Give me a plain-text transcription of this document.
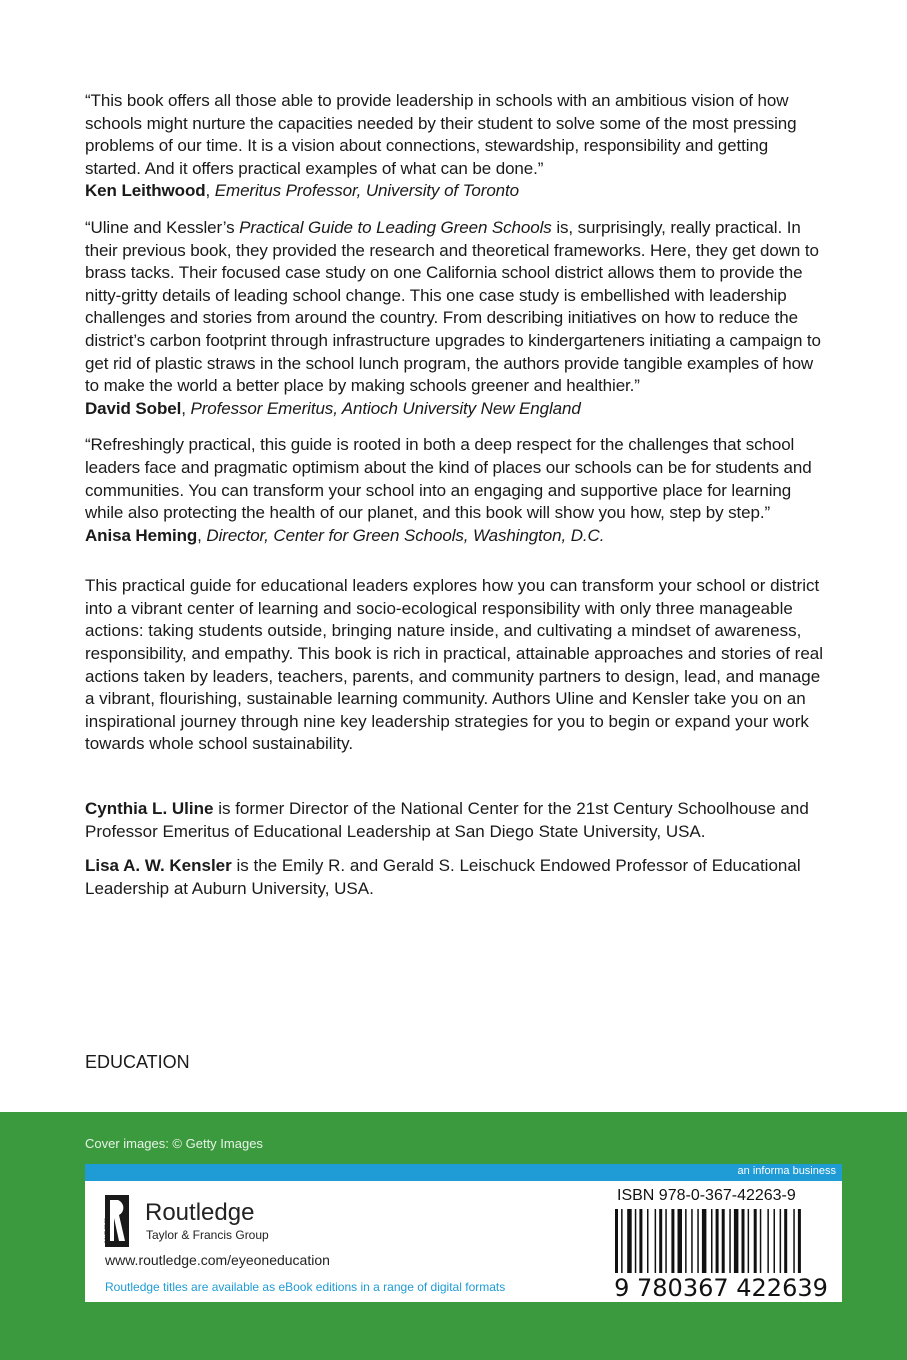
“This book offers all those able to provide leadership in schools with an ambitious vision of how schools might nurture the capacities needed by their student to solve some of the most pressing problems of our time. It is a vision about connections, stewardship, responsibility and getting started. And it offers practical examples of what can be done.”
Ken Leithwood, Emeritus Professor, University of Toronto

“Uline and Kessler’s Practical Guide to Leading Green Schools is, surprisingly, really practical. In their previous book, they provided the research and theoretical frameworks. Here, they get down to brass tacks. Their focused case study on one California school district allows them to provide the nitty-gritty details of leading school change. This one case study is embellished with leadership challenges and stories from around the country. From describing initiatives on how to reduce the district’s carbon footprint through infrastructure upgrades to kindergarteners initiating a campaign to get rid of plastic straws in the school lunch program, the authors provide tangible examples of how to make the world a better place by making schools greener and healthier.”
David Sobel, Professor Emeritus, Antioch University New England

“Refreshingly practical, this guide is rooted in both a deep respect for the challenges that school leaders face and pragmatic optimism about the kind of places our schools can be for students and communities. You can transform your school into an engaging and supportive place for learning while also protecting the health of our planet, and this book will show you how, step by step.”
Anisa Heming, Director, Center for Green Schools, Washington, D.C.

This practical guide for educational leaders explores how you can transform your school or district into a vibrant center of learning and socio-ecological responsibility with only three manageable actions: taking students outside, bringing nature inside, and cultivating a mindset of awareness, responsibility, and empathy. This book is rich in practical, attainable approaches and stories of real actions taken by leaders, teachers, parents, and community partners to design, lead, and manage a vibrant, flourishing, sustainable learning community. Authors Uline and Kensler take you on an inspirational journey through nine key leadership strategies for you to begin or expand your work towards whole school sustainability.

Cynthia L. Uline is former Director of the National Center for the 21st Century Schoolhouse and Professor Emeritus of Educational Leadership at San Diego State University, USA.

Lisa A. W. Kensler is the Emily R. and Gerald S. Leischuck Endowed Professor of Educational Leadership at Auburn University, USA.

EDUCATION
Cover images: © Getty Images
an informa business
ROUTLEDGE
Routledge
Taylor & Francis Group
www.routledge.com/eyeoneducation
Routledge titles are available as eBook editions in a range of digital formats
ISBN 978-0-367-42263-9
9 780367 422639
